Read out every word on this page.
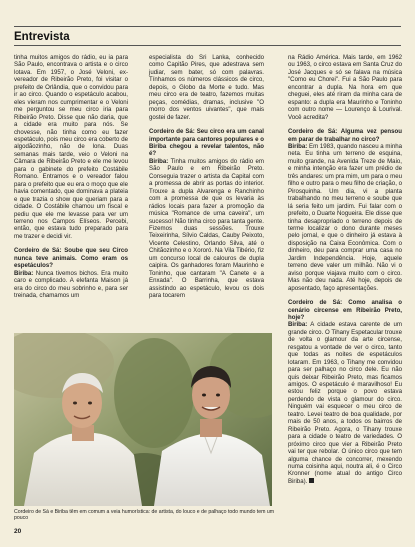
Entrevista

tinha muitos amigos do rádio, eu ia para São Paulo, encontrava o artista e o circo lotava. Em 1957, o José Veloni, ex-vereador de Ribeirão Preto, foi visitar o prefeito de Orlândia, que o convidou para ir ao circo. Quando o espetáculo acabou, eles vieram nos cumprimentar e o Veloni me perguntou se meu circo iria para Ribeirão Preto. Disse que não daria, que a cidade era muito para nós. Se chovesse, não tinha como eu fazer espetáculo, pois meu circo era coberto de algodãozinho, não de lona. Duas semanas mais tarde, veio o Veloni na Câmara de Ribeirão Preto e ele me levou para o gabinete do prefeito Costábile Romano. Entramos e o vereador falou para o prefeito que eu era o moço que ele havia comentado, que dominava a plateia e que trazia o show que queriam para a cidade. O Costábile chamou um fiscal e pediu que ele me levasse para ver um terreno nos Campos Elíseos. Percebi, então, que estava tudo preparado para me trazer e decidi vir.

Cordeiro de Sá: Soube que seu Circo nunca teve animais. Como eram os espetáculos?

Biriba: Nunca tivemos bichos. Era muito caro e complicado. A elefanta Maison já era do circo do meu sobrinho e, para ser treinada, chamamos um

especialista do Sri Lanka, conhecido como Capitão Pires, que adestrava sem judiar, sem bater, só com palavras. Tínhamos os números clássicos de circo, depois, o Globo da Morte e tudo. Mas meu circo era de teatro, fazemos muitas peças, comédias, dramas, inclusive "O morro dos ventos uivantes", que mais gostei de fazer.

Cordeiro de Sá: Seu circo era um canal importante para cantores populares e o Biriba chegou a revelar talentos, não é?

Biriba: Tinha muitos amigos do rádio em São Paulo e em Ribeirão Preto. Conseguia trazer o artista da Capital com a promessa de abrir as portas do interior. Trouxe a dupla Alvarenga e Ranchinho com a promessa de que os levaria às rádios locais para fazer a promoção da música "Romance de uma caveira", um sucesso! Não tinha circo para tanta gente. Fizemos duas sessões. Trouxe Teixeirinha, Sílvio Caldas, Cauby Peixoto, Vicente Celestino, Orlando Silva, até o Chitãozinho e o Xororó. Na Vila Tibério, fiz um concurso local de calouros de dupla caipira. Os ganhadores foram Maurinho e Toninho, que cantaram "A Canete e a Enxada". O Barrinha, que estava assistindo ao espetáculo, levou os dois para tocarem

na Rádio América. Mais tarde, em 1962 ou 1963, o circo estava em Santa Cruz do José Jacques e só se falava na música "Como eu Chorei". Fui a São Paulo para encontrar a dupla. Na hora em que cheguei, eles até riram da minha cara de espanto: a dupla era Maurinho e Toninho com outro nome — Lourenço & Lourival. Você acredita?

Cordeiro de Sá: Alguma vez pensou em parar de trabalhar no circo?

Biriba: Em 1983, quando nasceu a minha neta. Eu tinha um terreno de esquina, muito grande, na Avenida Treze de Maio, e minha intenção era fazer um prédio de três andares: um pra mim, um para o meu filho e outro para o meu filho de criação, o Pirosquinha. Um dia, vi a planta trabalhando no meu terreno e soube que lá seria feito um jardim. Fui falar com o prefeito, o Duarte Nogueira. Ele disse que tinha desapropriado o terreno depois de terme localizar o dono durante meses pelo jornal, e que o dinheiro já estava à disposição na Caixa Econômica. Com o dinheiro, deu para comprar uma casa no Jardim Independência. Hoje, aquele terreno deve valer um milhão. Não vi o aviso porque viajava muito com o circo. Mas não deu nada. Até hoje, depois de aposentado, faço apresentações.

Cordeiro de Sá: Como analisa o cenário circense em Ribeirão Preto, hoje?

Biriba: A cidade estava carente de um grande circo. O Tihany Espetacular trouxe de volta o glamour da arte circense, resgatou a vontade de ver o circo, tanto que todas as noites de espetáculos lotaram. Em 1963, o Tihany me convidou para ser palhaço no circo dele. Eu não quis deixar Ribeirão Preto, mas ficamos amigos. O espetáculo é maravilhoso! Eu estou feliz porque o povo estava perdendo de vista o glamour do circo. Ninguém vai esquecer o meu circo de teatro. Levei teatro de boa qualidade, por mais de 50 anos, a todos os bairros de Ribeirão Preto. Agora, o Tihany trouxe para a cidade o teatro de variedades. O próximo circo que vier a Ribeirão Preto vai ter que rebolar. O único circo que tem alguma chance de concorrer, mexendo numa coisinha aqui, noutra ali, é o Circo Kronner (nome atual do antigo Circo Biriba).

Cordeiro de Sá e Biriba têm em comum a veia humorística: de artista, do louco e de palhaço todo mundo tem um pouco
20
